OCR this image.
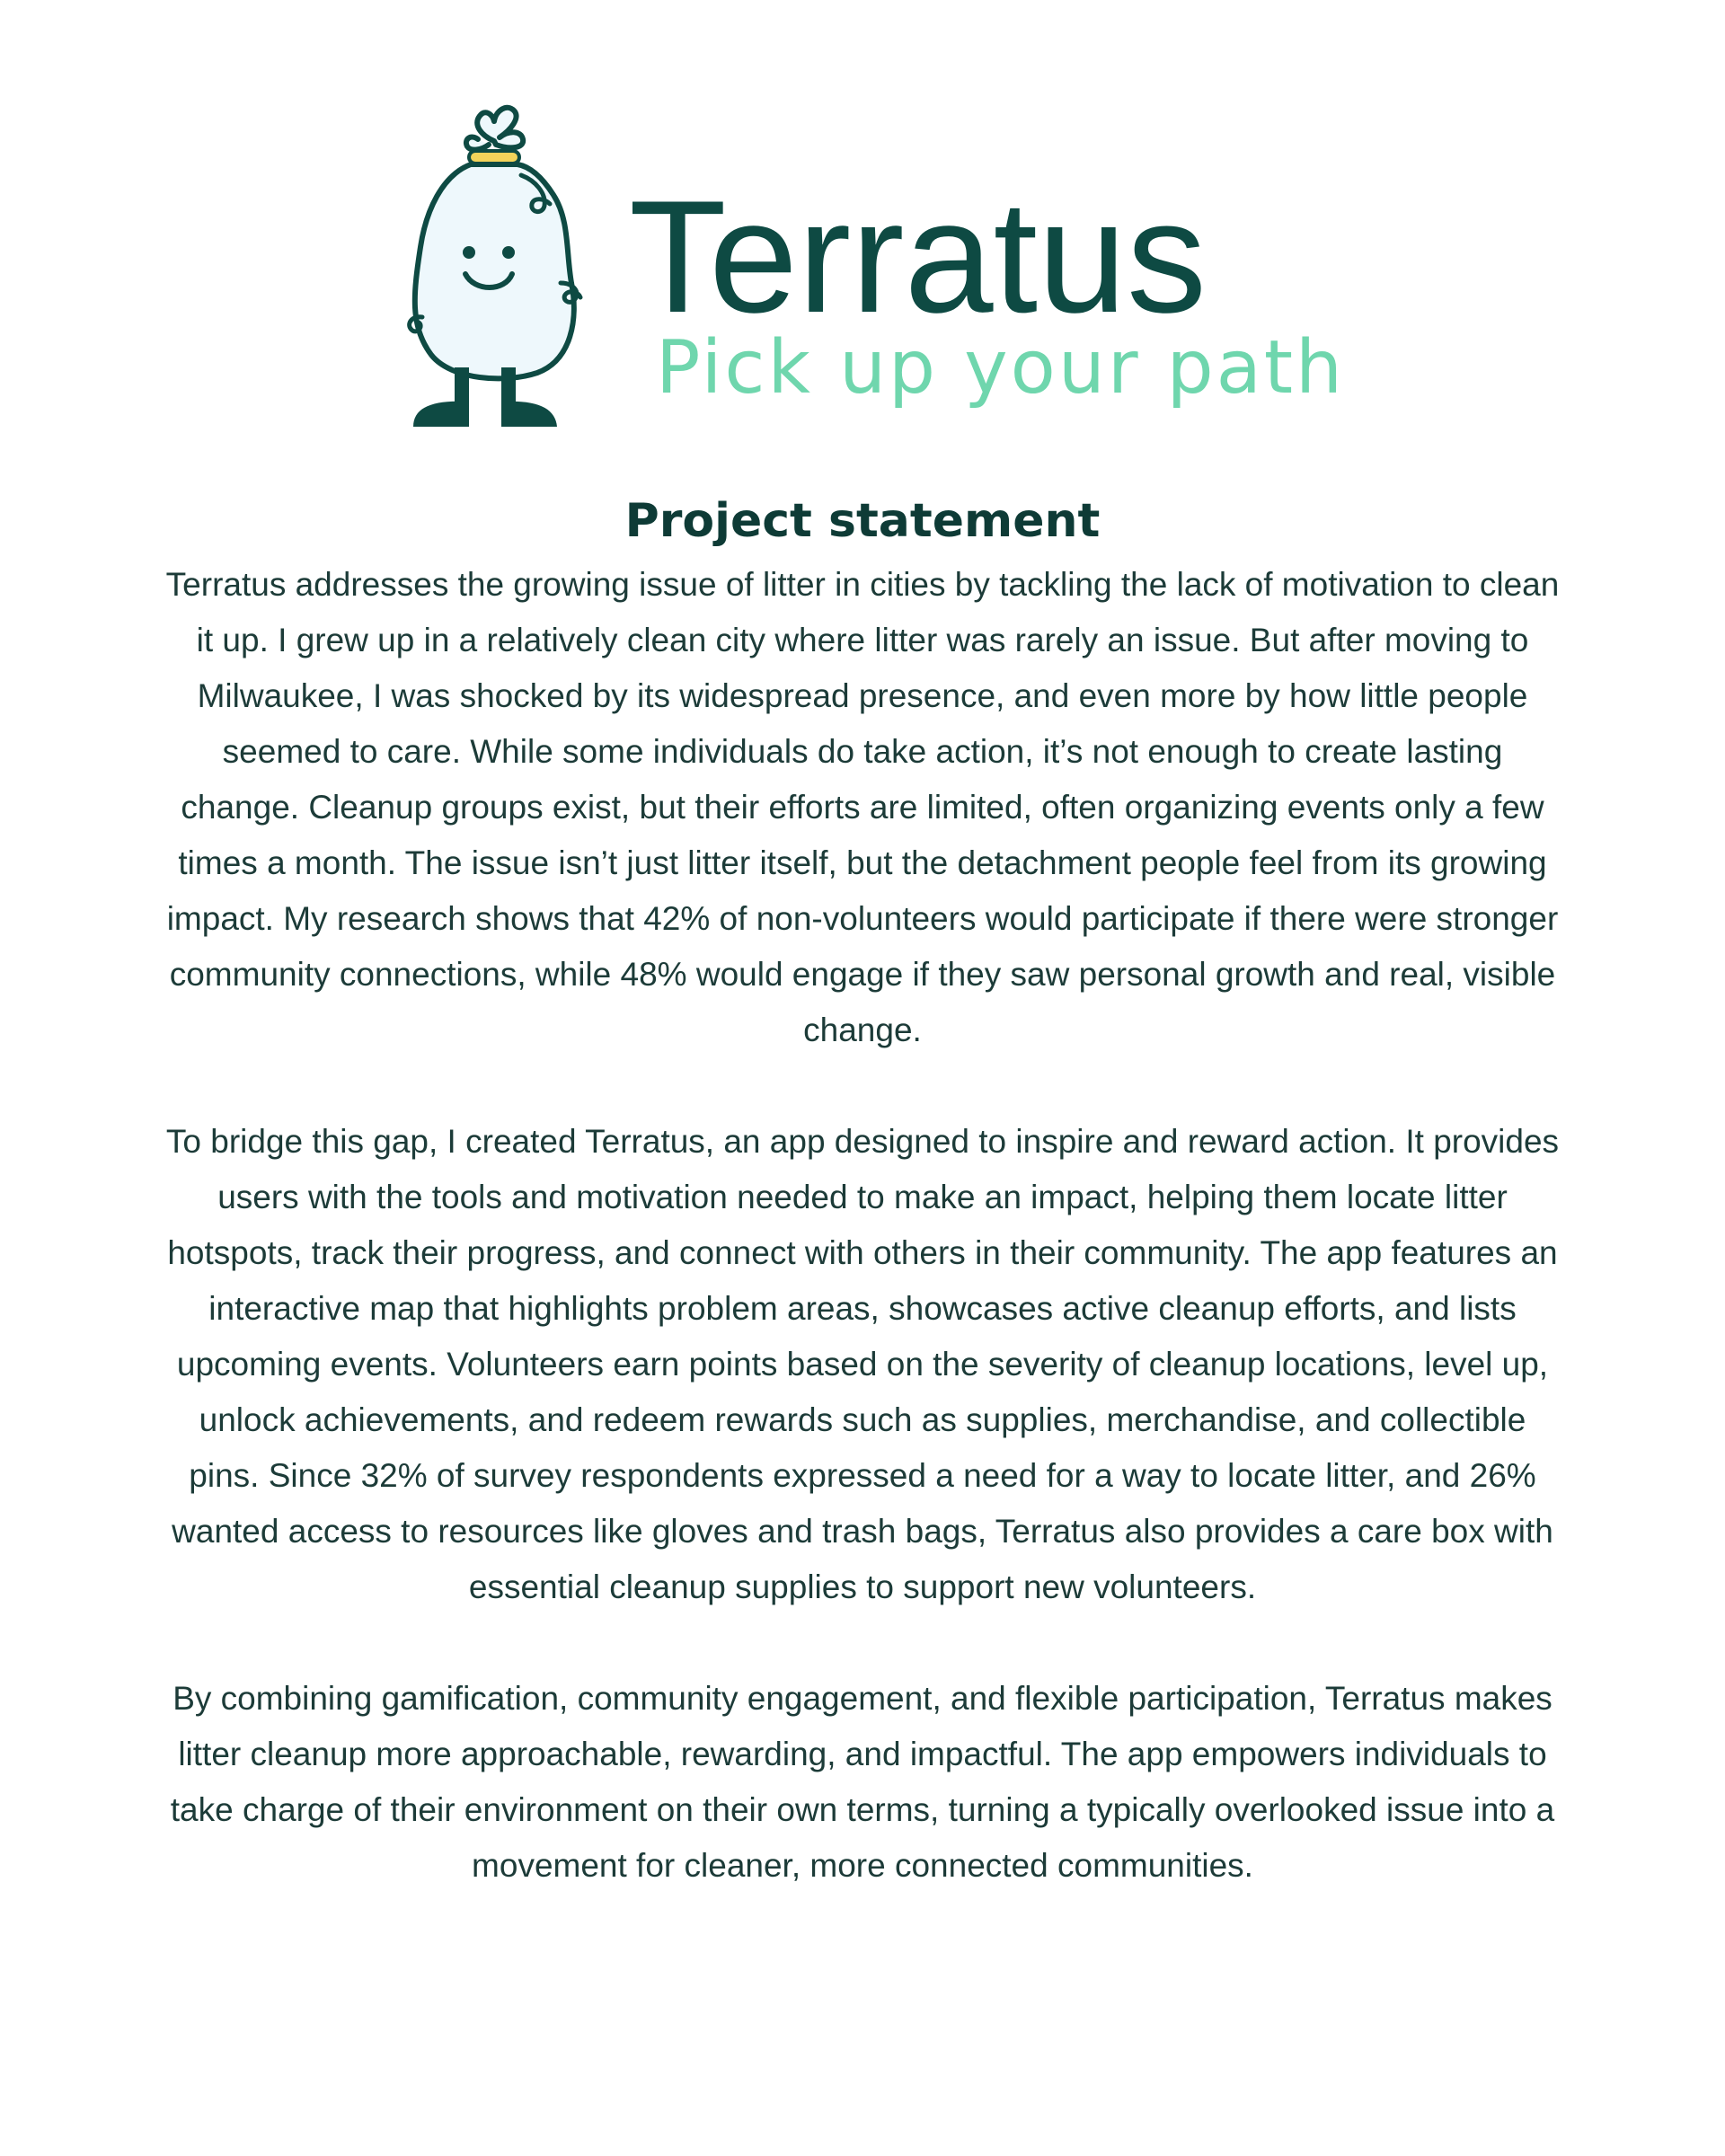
Terratus
Pick up your path
Project statement

Terratus addresses the growing issue of litter in cities by tackling the lack of motivation to clean it up. I grew up in a relatively clean city where litter was rarely an issue. But after moving to Milwaukee, I was shocked by its widespread presence, and even more by how little people seemed to care. While some individuals do take action, it’s not enough to create lasting change. Cleanup groups exist, but their efforts are limited, often organizing events only a few times a month. The issue isn’t just litter itself, but the detachment people feel from its growing impact. My research shows that 42% of non-volunteers would participate if there were stronger community connections, while 48% would engage if they saw personal growth and real, visible change.

To bridge this gap, I created Terratus, an app designed to inspire and reward action. It provides users with the tools and motivation needed to make an impact, helping them locate litter hotspots, track their progress, and connect with others in their community. The app features an interactive map that highlights problem areas, showcases active cleanup efforts, and lists upcoming events. Volunteers earn points based on the severity of cleanup locations, level up, unlock achievements, and redeem rewards such as supplies, merchandise, and collectible pins. Since 32% of survey respondents expressed a need for a way to locate litter, and 26% wanted access to resources like gloves and trash bags, Terratus also provides a care box with essential cleanup supplies to support new volunteers.

By combining gamification, community engagement, and flexible participation, Terratus makes litter cleanup more approachable, rewarding, and impactful. The app empowers individuals to take charge of their environment on their own terms, turning a typically overlooked issue into a movement for cleaner, more connected communities.
